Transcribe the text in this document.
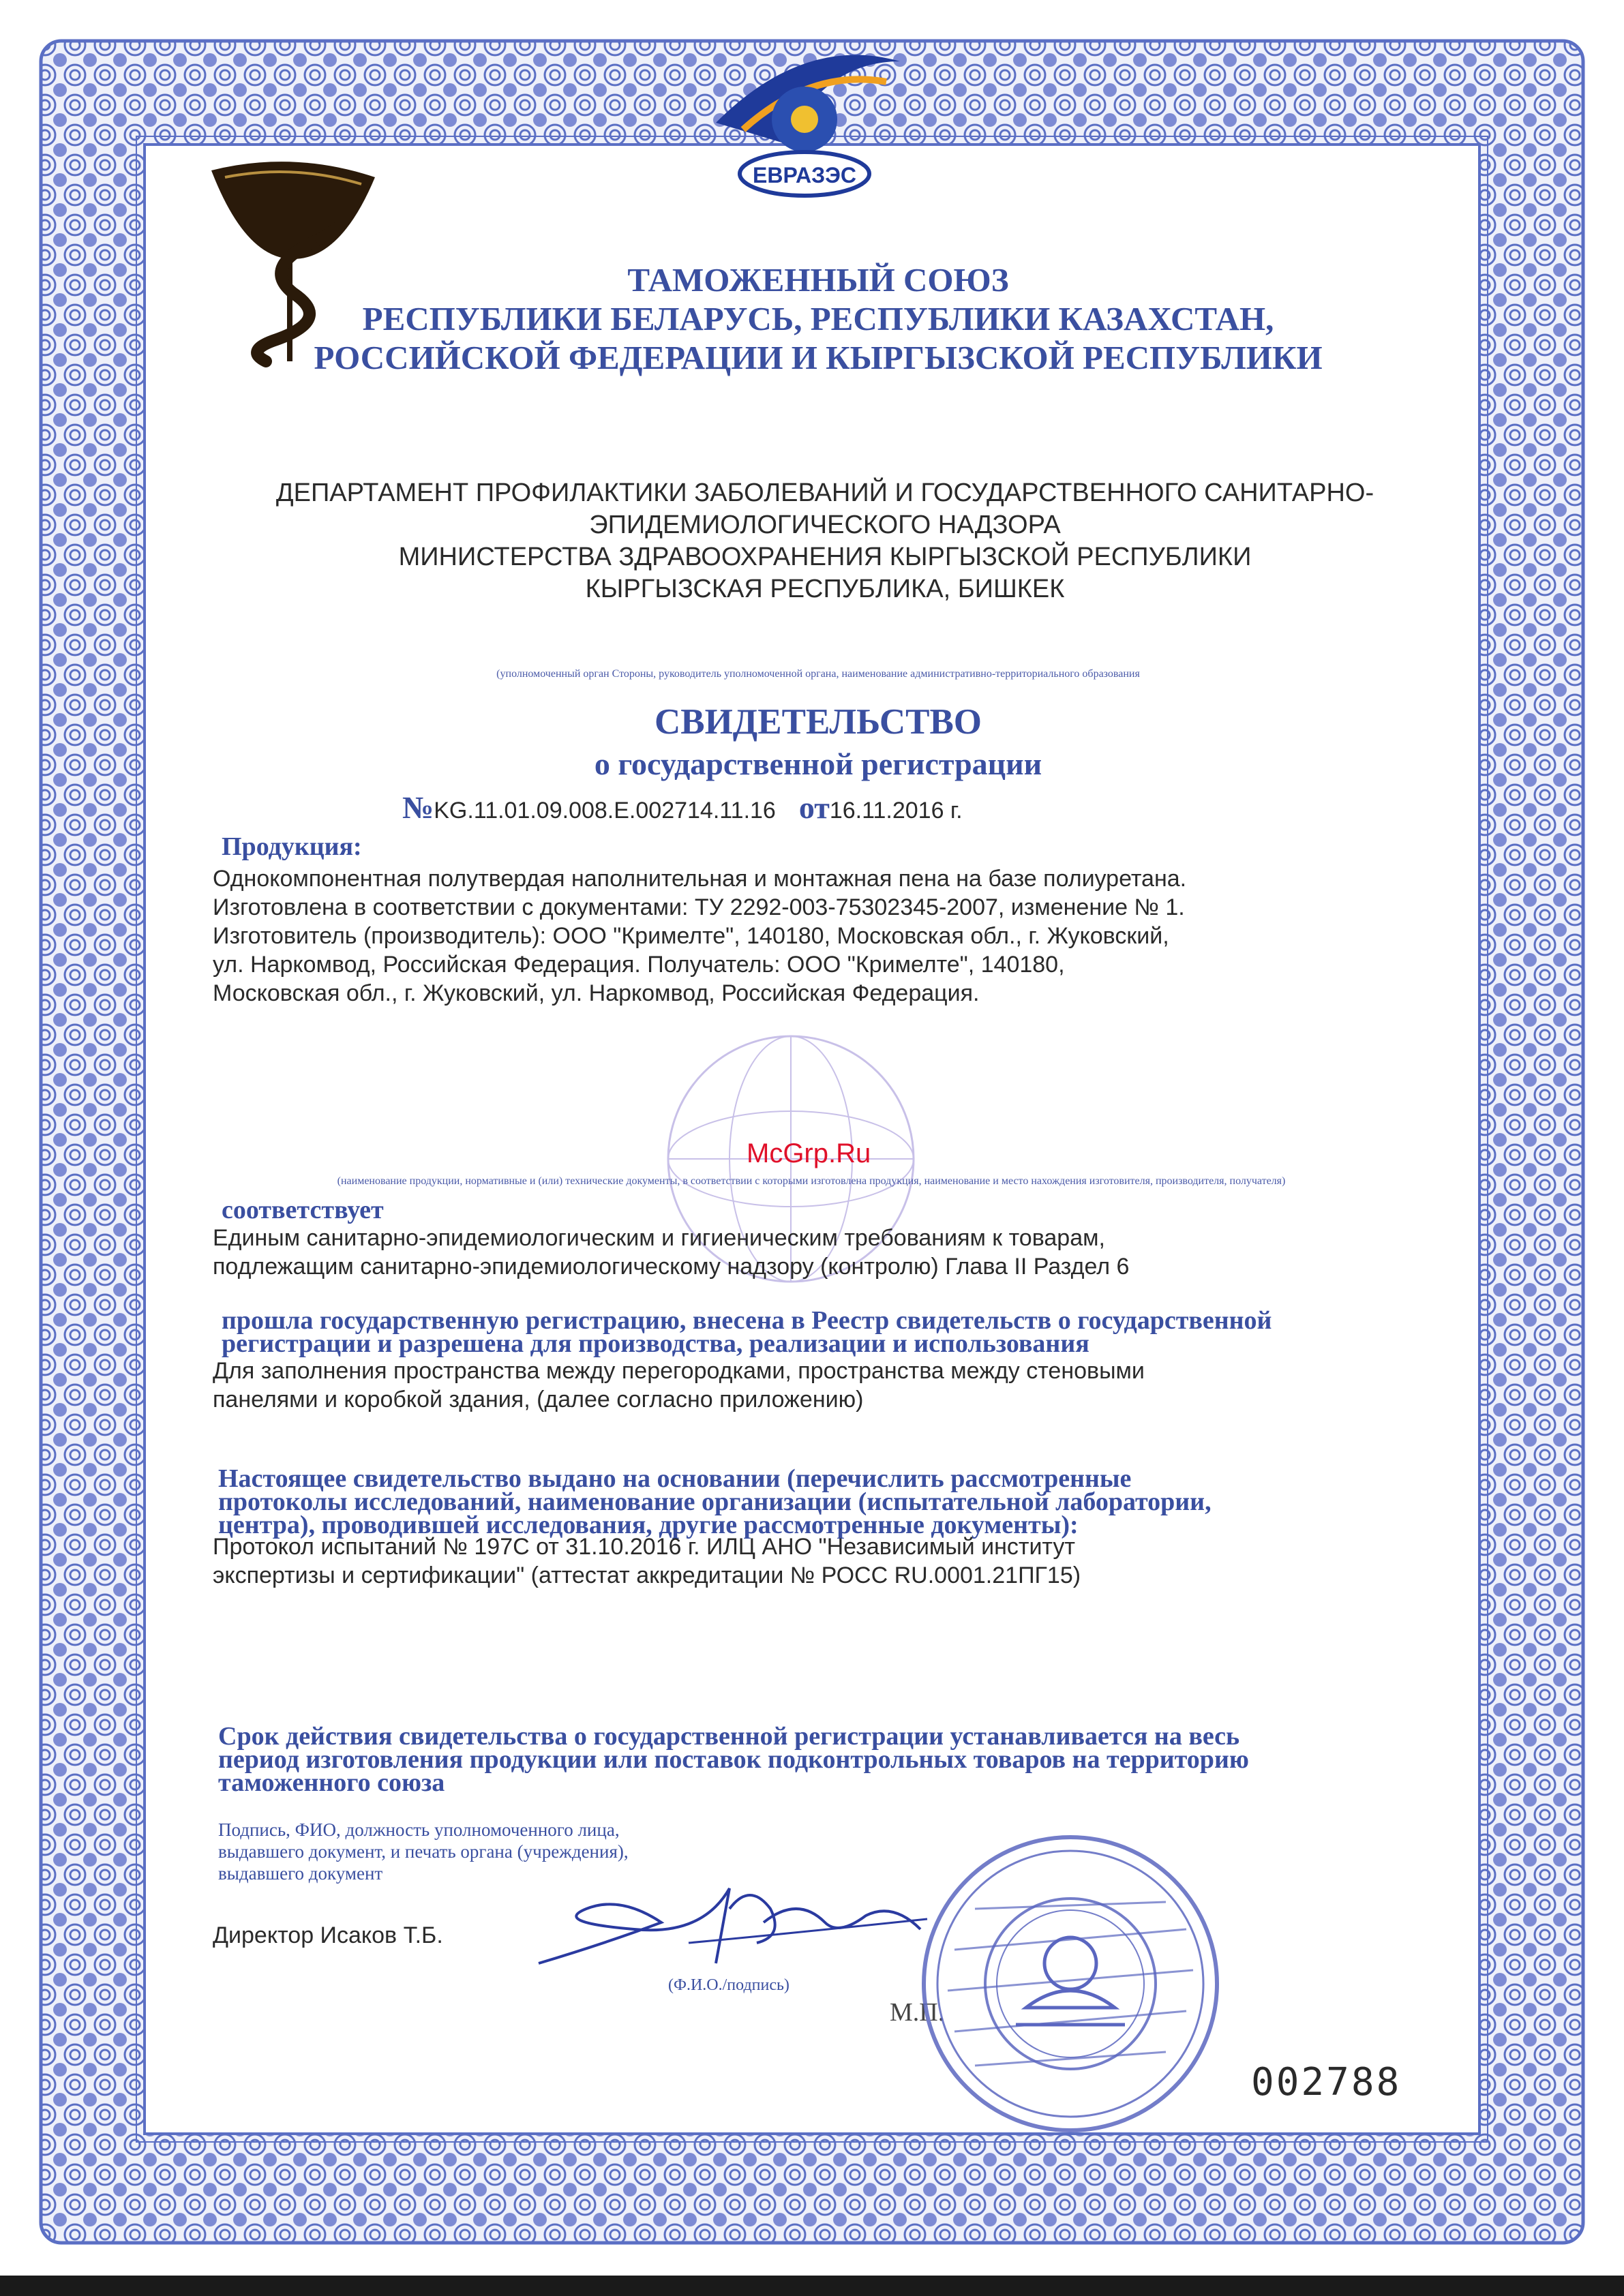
ЕВРАЗЭС
ТАМОЖЕННЫЙ СОЮЗ
РЕСПУБЛИКИ БЕЛАРУСЬ, РЕСПУБЛИКИ КАЗАХСТАН,
РОССИЙСКОЙ ФЕДЕРАЦИИ И КЫРГЫЗСКОЙ РЕСПУБЛИКИ
ДЕПАРТАМЕНТ ПРОФИЛАКТИКИ ЗАБОЛЕВАНИЙ И ГОСУДАРСТВЕННОГО САНИТАРНО-
ЭПИДЕМИОЛОГИЧЕСКОГО НАДЗОРА
МИНИСТЕРСТВА ЗДРАВООХРАНЕНИЯ КЫРГЫЗСКОЙ РЕСПУБЛИКИ
КЫРГЫЗСКАЯ РЕСПУБЛИКА, БИШКЕК
(уполномоченный орган Стороны, руководитель уполномоченной органа, наименование административно-территориального образования
СВИДЕТЕЛЬСТВО
о государственной регистрации
№KG.11.01.09.008.Е.002714.11.16 от16.11.2016 г.
Продукция:
Однокомпонентная полутвердая наполнительная и монтажная пена на базе полиуретана.
Изготовлена в соответствии с документами: ТУ 2292-003-75302345-2007, изменение № 1.
Изготовитель (производитель): ООО "Кримелте", 140180, Московская обл., г. Жуковский,
ул. Наркомвод, Российская Федерация. Получатель: ООО "Кримелте", 140180,
Московская обл., г. Жуковский, ул. Наркомвод, Российская Федерация.
McGrp.Ru
(наименование продукции, нормативные и (или) технические документы, в соответствии с которыми изготовлена продукция, наименование и место нахождения изготовителя, производителя, получателя)
соответствует
Единым санитарно-эпидемиологическим и гигиеническим требованиям к товарам,
подлежащим санитарно-эпидемиологическому надзору (контролю) Глава II Раздел 6
прошла государственную регистрацию, внесена в Реестр свидетельств о государственной
регистрации и разрешена для производства, реализации и использования
Для заполнения пространства между перегородками, пространства между стеновыми
панелями и коробкой здания, (далее согласно приложению)
Настоящее свидетельство выдано на основании (перечислить рассмотренные
протоколы исследований, наименование организации (испытательной лаборатории,
центра), проводившей исследования, другие рассмотренные документы):
Протокол испытаний № 197С от 31.10.2016 г. ИЛЦ АНО "Независимый институт
экспертизы и сертификации" (аттестат аккредитации № РОСС RU.0001.21ПГ15)
Срок действия свидетельства о государственной регистрации устанавливается на весь
период изготовления продукции или поставок подконтрольных товаров на территорию
таможенного союза
Подпись, ФИО, должность уполномоченного лица,
выдавшего документ, и печать органа (учреждения),
выдавшего документ
Директор Исаков Т.Б.
(Ф.И.О./подпись)
М.П.
002788
